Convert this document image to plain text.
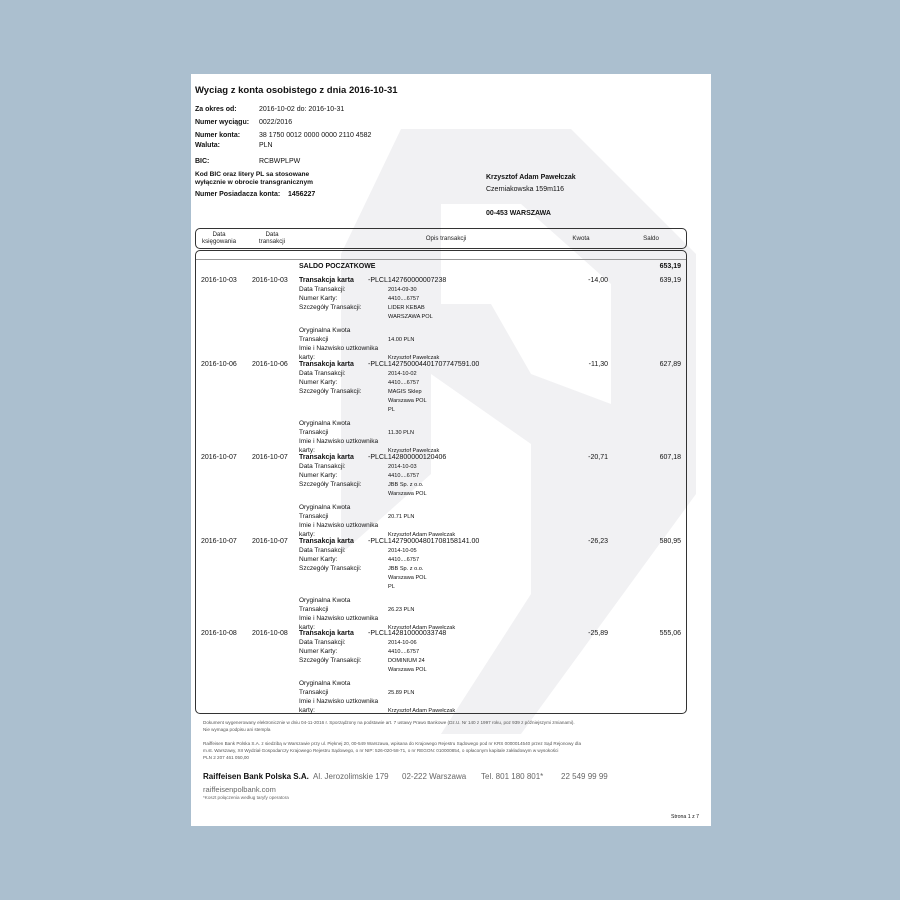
Wyciag z konta osobistego z dnia 2016-10-31
Za okres od:	2016-10-02 do: 2016-10-31
Numer wyciągu: 0022/2016
Numer konta:	38 1750 0012 0000 0000 2110 4582
Waluta:	PLN
BIC:	RCBWPLPW
Kod BIC oraz litery PL sa stosowane
wyłącznie w obrocie transgranicznym
Numer Posiadacza konta: 1456227
Krzysztof Adam Pawełczak
Czerniakowska 159m116
00-453 WARSZAWA
Data
księgowania
Data
transakcji	Opis transakcji	Kwota	Saldo
SALDO POCZATKOWE	653,19
2016-10-03 2016-10-03 Transakcja karta -PLCL142760000007238	-14,00	639,19
Data Transakcji:	2014-09-30
Numer Karty:	4410....6757
Szczegóły Transakcji:	LIDER KEBAB
WARSZAWA POL
Oryginalna Kwota
Transakcji	14.00 PLN
Imie i Nazwisko uztkownika
karty:	Krzysztof Pawełczak
2016-10-06 2016-10-06 Transakcja karta -PLCL142750004401707747591.00	-11,30	627,89
Data Transakcji:	2014-10-02
Numer Karty:	4410....6757
Szczegóły Transakcji:	MAGIS Sklep
Warszawa POL
PL
Oryginalna Kwota
Transakcji	11.30 PLN
Imie i Nazwisko uztkownika
karty:	Krzysztof Pawełczak
2016-10-07 2016-10-07 Transakcja karta -PLCL142800000120406	-20,71	607,18
Data Transakcji:	2014-10-03
Numer Karty:	4410....6757
Szczegóły Transakcji:	JBB Sp. z o.o.
Warszawa POL
Oryginalna Kwota
Transakcji	20.71 PLN
Imie i Nazwisko uztkownika
karty:	Krzysztof Adam Pawełczak
2016-10-07 2016-10-07 Transakcja karta -PLCL142790004801708158141.00	-26,23	580,95
Data Transakcji:	2014-10-05
Numer Karty:	4410....6757
Szczegóły Transakcji:	JBB Sp. z o.o.
Warszawa POL
PL
Oryginalna Kwota
Transakcji	26.23 PLN
Imie i Nazwisko uztkownika
karty:	Krzysztof Adam Pawełczak
2016-10-08 2016-10-08 Transakcja karta -PLCL142810000033748	-25,89	555,06
Data Transakcji:	2014-10-06
Numer Karty:	4410....6757
Szczegóły Transakcji:	DOMINIUM 24
Warszawa POL
Oryginalna Kwota
Transakcji	25.89 PLN
Imie i Nazwisko uztkownika
karty:	Krzysztof Adam Pawełczak
Dokument wygenerowany elektronicznie w dniu 04-11-2016 r. Sporządzony na podstawie art. 7 ustawy Prawo Bankowe (Dz.U. Nr 140 z 1997 roku, poz 939 z późniejszymi zmianami).
Nie wymaga podpisu ani stempla
Raiffeisen Bank Polska S.A. z siedzibą w Warszawie przy ul. Pięknej 20, 00-549 Warszawa, wpisana do Krajowego Rejestru Sądowego pod nr KRS 0000014540 przez Sąd Rejonowy dla
m.st. Warszawy, XII Wydział Gospodarczy Krajowego Rejestru Sądowego, o nr NIP: 526-020-58-71, o nr REGON: 010000854, o opłaconym kapitale zakładowym w wysokości
PLN 2 207 461 050,00
Raiffeisen Bank Polska S.A. Al. Jerozolimskie 179 02-222 Warszawa Tel. 801 180 801* 22 549 99 99
raiffeisenpolbank.com
*Koszt połączenia według taryfy operatora
Strona 1 z 7
